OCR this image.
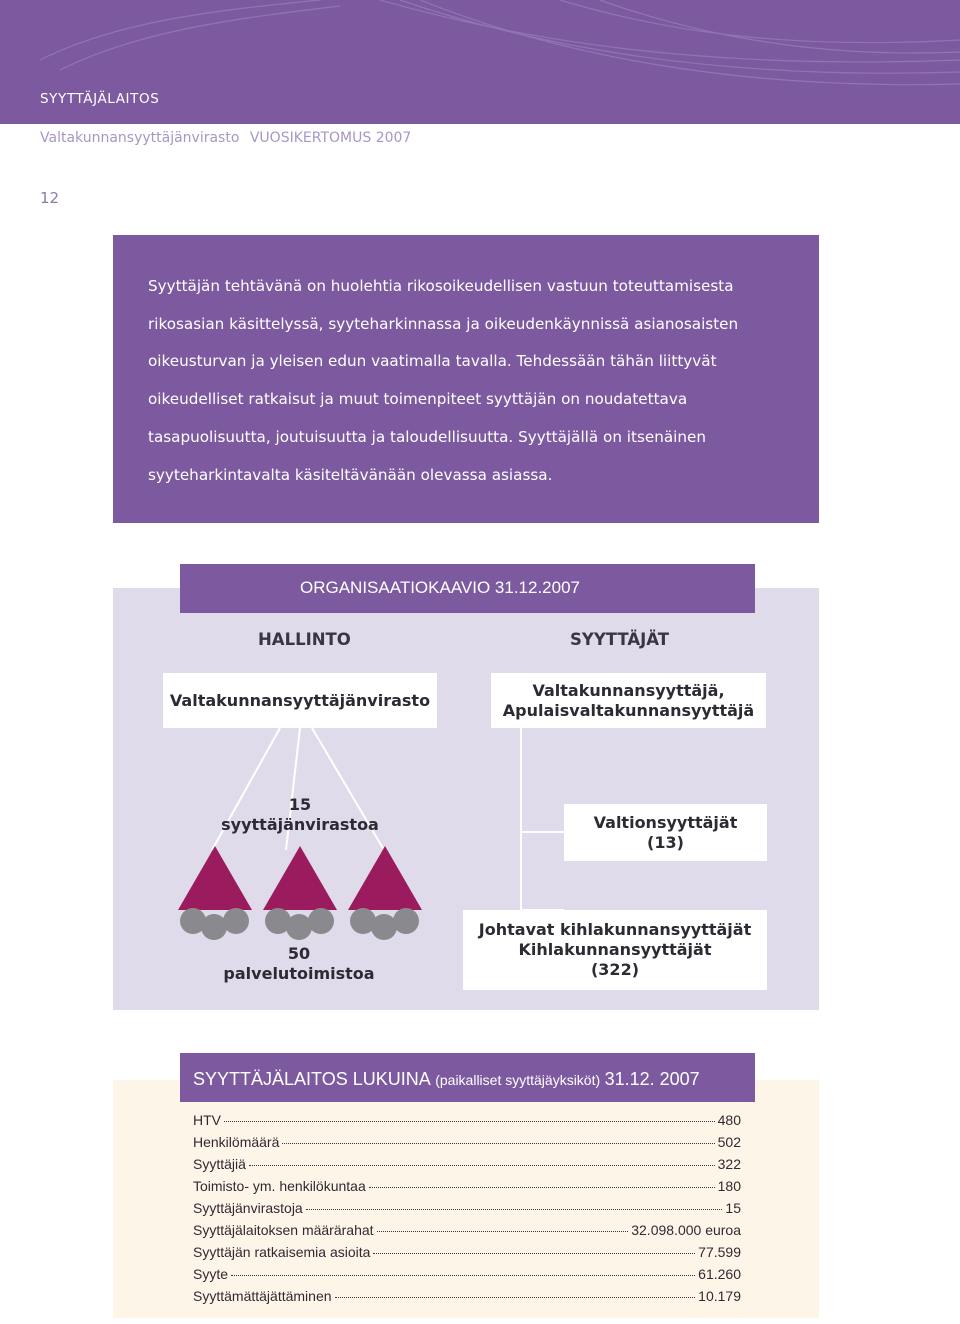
SYYTTÄJÄLAITOS
Valtakunnansyyttäjänvirasto VUOSIKERTOMUS 2007
12

Syyttäjän tehtävänä on huolehtia rikosoikeudellisen vastuun toteuttamisesta rikosasian käsittelyssä, syyteharkinnassa ja oikeudenkäynnissä asianosaisten oikeusturvan ja yleisen edun vaatimalla tavalla. Tehdessään tähän liittyvät oikeudelliset ratkaisut ja muut toimenpiteet syyttäjän on noudatettava tasapuolisuutta, joutuisuutta ja taloudellisuutta. Syyttäjällä on itsenäinen syyteharkintavalta käsiteltävänään olevassa asiassa.

ORGANISAATIOKAAVIO 31.12.2007
HALLINTO	SYYTTÄJÄT
Valtakunnansyyttäjänvirasto
Valtakunnansyyttäjä,
Apulaisvaltakunnansyyttäjä
15
syyttäjänvirastoa	Valtionsyyttäjät
(13)
50
palvelutoimistoa
Johtavat kihlakunnansyyttäjät
Kihlakunnansyyttäjät
(322)
SYYTTÄJÄLAITOS LUKUINA (paikalliset syyttäjäyksiköt) 31.12. 2007
HTV	480
Henkilömäärä	502
Syyttäjiä	322
Toimisto- ym. henkilökuntaa	180
Syyttäjänvirastoja	15
Syyttäjälaitoksen määrärahat	32.098.000 euroa
Syyttäjän ratkaisemia asioita	77.599
Syyte	61.260
Syyttämättäjättäminen	10.179
